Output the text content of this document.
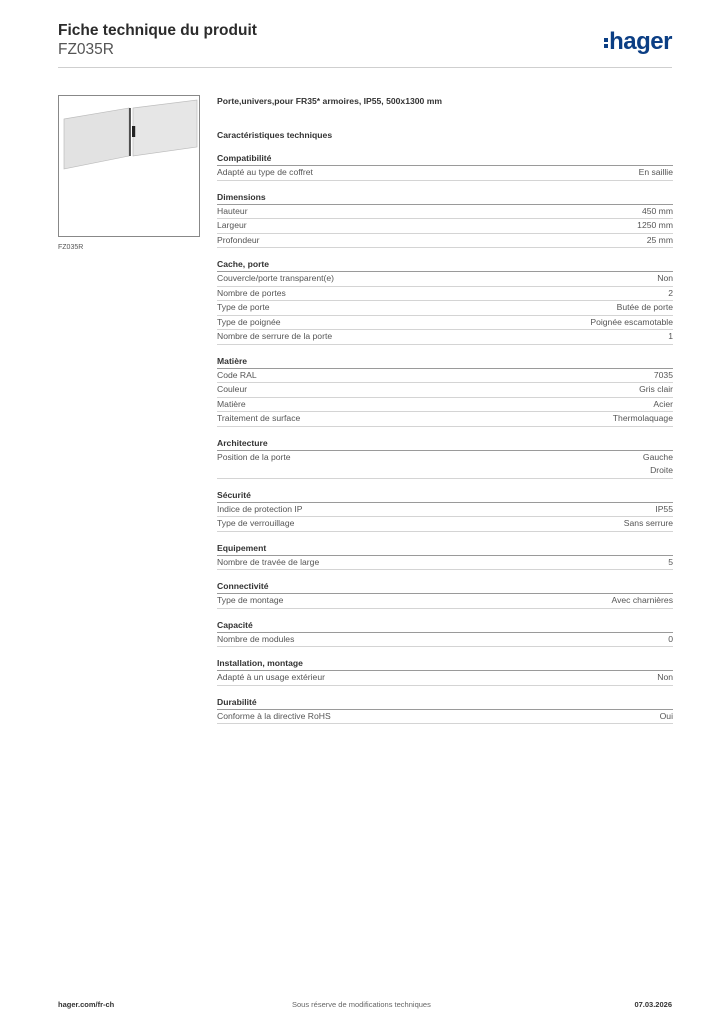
Fiche technique du produit
FZ035R	hager
FZ035R
Porte,univers,pour FR35* armoires, IP55, 500x1300 mm
Caractéristiques techniques
Compatibilité
Adapté au type de coffret	En saillie
Dimensions
Hauteur	450 mm
Largeur	1250 mm
Profondeur	25 mm
Cache, porte
Couvercle/porte transparent(e)	Non
Nombre de portes	2
Type de porte	Butée de porte
Type de poignée	Poignée escamotable
Nombre de serrure de la porte	1
Matière
Code RAL	7035
Couleur	Gris clair
Matière	Acier
Traitement de surface	Thermolaquage
Architecture
Position de la porte	Gauche
Droite
Sécurité
Indice de protection IP	IP55
Type de verrouillage	Sans serrure
Equipement
Nombre de travée de large	5
Connectivité
Type de montage	Avec charnières
Capacité
Nombre de modules	0
Installation, montage
Adapté à un usage extérieur	Non
Durabilité
Conforme à la directive RoHS	Oui
hager.com/fr-ch	Sous réserve de modifications techniques	07.03.2026
